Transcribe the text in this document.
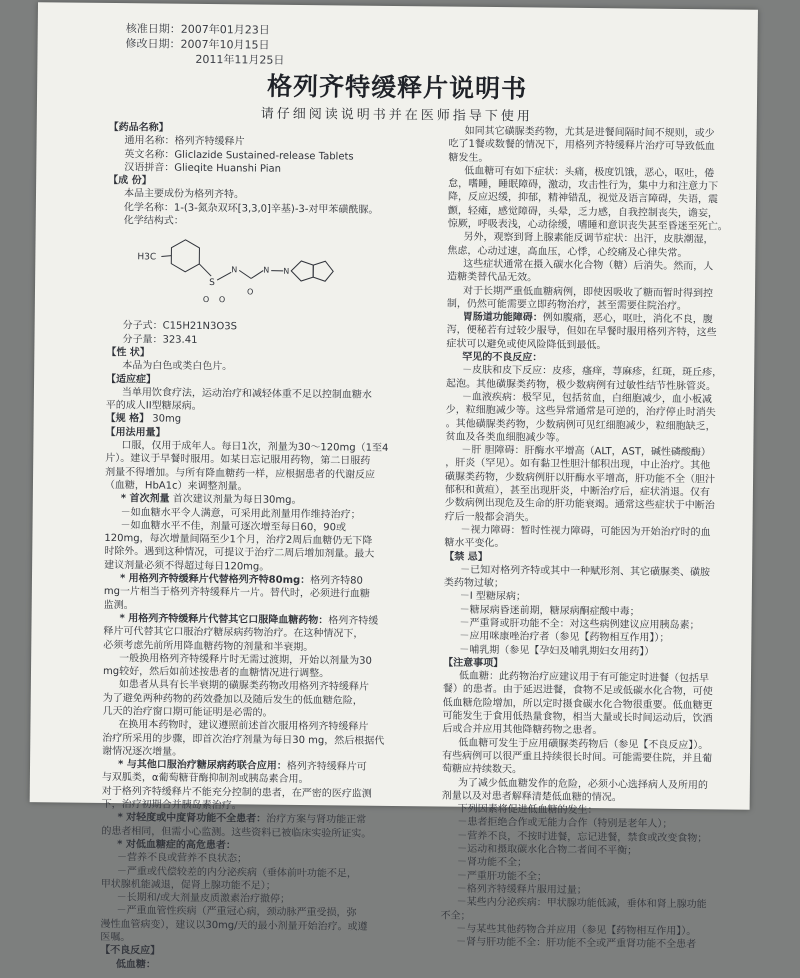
核准日期：2007年01月23日
修改日期：2007年10月15日
2011年11月25日
格列齐特缓释片说明书
请仔细阅读说明书并在医师指导下使用

【 药品名称 】

通用名称：格列齐特缓释片

英文名称：Gliclazide Sustained-release Tablets

汉语拼音：Glieqite Huanshi Pian

【 成 份 】

本品主要成份为格列齐特。

化学名称：1-(3-氮杂双环[3,3,0]辛基)-3-对甲苯磺酰脲。

化学结构式：

H3C
S
O O
N
O
N N

分子式：C15H21N3O3S

分子量：323.41

【 性 状 】

本品为白色或类白色片。

【 适应症 】

当单用饮食疗法，运动治疗和减轻体重不足以控制血糖水

平的成人II型糖尿病。

【 规 格 】 30mg

【 用法用量 】

口服，仅用于成年人。每日1次，剂量为30～120mg（1至4

片）。建议于早餐时服用。如某日忘记服用药物，第二日服药

剂量不得增加。与所有降血糖药一样，应根据患者的代谢反应

（血糖，HbA1c）来调整剂量。

* 首次剂量 首次建议剂量为每日30mg。

－如血糖水平令人满意，可采用此剂量用作维持治疗；

－如血糖水平不佳，剂量可逐次增至每日60，90或

120mg，每次增量间隔至少1个月，治疗2周后血糖仍无下降

时除外。遇到这种情况，可提议于治疗二周后增加剂量。最大

建议剂量必须不得超过每日120mg。

* 用格列齐特缓释片代替格列齐特80mg：格列齐特80

mg一片相当于格列齐特缓释片一片。替代时，必须进行血糖

监测。

* 用格列齐特缓释片代替其它口服降血糖药物：格列齐特缓

释片可代替其它口服治疗糖尿病药物治疗。在这种情况下，

必须考虑先前所用降血糖药物的剂量和半衰期。

一般换用格列齐特缓释片时无需过渡期，开始以剂量为30

mg较好，然后如前述按患者的血糖情况进行调整。

如患者从具有长半衰期的磺脲类药物改用格列齐特缓释片

为了避免两种药物的药效叠加以及随后发生的低血糖危险，

几天的治疗窗口期可能证明是必需的。

在换用本药物时，建议遵照前述首次服用格列齐特缓释片

治疗所采用的步骤，即首次治疗剂量为每日30 mg，然后根据代

谢情况逐次增量。

* 与其他口服治疗糖尿病药联合应用：格列齐特缓释片可

与双胍类，α葡萄糖苷酶抑制剂或胰岛素合用。

对于格列齐特缓释片不能充分控制的患者，在严密的医疗监测

下，治疗初期合并胰岛素治疗。

* 对轻度或中度肾功能不全患者：治疗方案与肾功能正常

的患者相同，但需小心监测。这些资料已被临床实验所证实。

* 对低血糖症的高危患者：

－营养不良或营养不良状态；

－严重或代偿较差的内分泌疾病（垂体前叶功能不足，

甲状腺机能减退，促肾上腺功能不足）；

－长期和/或大剂量皮质激素治疗撤停；

－严重血管性疾病（严重冠心病，颈动脉严重受损，弥

漫性血管病变），建议以30mg/天的最小剂量开始治疗。或遵

医嘱。

【 不良反应 】

低血糖：

如同其它磺脲类药物，尤其是进餐间隔时间不规则，或少

吃了1餐或数餐的情况下，用格列齐特缓释片治疗可导致低血

糖发生。

低血糖可有如下症状：头痛，极度饥饿，恶心，呕吐，倦

怠，嗜睡，睡眠障碍，激动，攻击性行为，集中力和注意力下

降，反应迟缓，抑郁，精神错乱，视觉及语言障碍，失语，震

颤，轻瘫，感觉障碍，头晕，乏力感，自我控制丧失，谵妄，

惊厥，呼吸表浅，心动徐缓，嗜睡和意识丧失甚至昏迷至死亡。

另外，观察到肾上腺素能反调节症状：出汗，皮肤潮湿，

焦虑，心动过速，高血压，心悸，心绞痛及心律失常。

这些症状通常在摄入碳水化合物（糖）后消失。然而，人

造糖类替代品无效。

对于长期严重低血糖病例，即使因吸收了糖而暂时得到控

制，仍然可能需要立即药物治疗，甚至需要住院治疗。

胃肠道功能障碍：例如腹痛，恶心，呕吐，消化不良，腹

泻，便秘若有过较少服导，但如在早餐时服用格列齐特，这些

症状可以避免或使风险降低到最低。

罕见的不良反应：

－皮肤和皮下反应：皮疹，瘙痒，荨麻疹，红斑，斑丘疹，

起泡。其他磺脲类药物，极少数病例有过敏性结节性脉管炎。

－血液疾病：极罕见，包括贫血，白细胞减少，血小板减

少，粒细胞减少等。这些异常通常是可逆的，治疗停止时消失

。其他磺脲类药物，少数病例可见红细胞减少，粒细胞缺乏，

贫血及各类血细胞减少等。

－肝 胆障碍：肝酶水平增高（ALT，AST，碱性磷酸酶）

，肝炎（罕见）。如有黏卫性胆汁郁积出现，中止治疗。其他

磺脲类药物，少数病例肝以肝酶水平增高，肝功能不全（胆汁

郁积和黄疸），甚至出现肝炎，中断治疗后，症状消退。仅有

少数病例出现危及生命的肝功能衰竭。通常这些症状于中断治

疗后一般都会消失。

－视力障碍：暂时性视力障碍，可能因为开始治疗时的血

糖水平变化。

【 禁 忌 】

－已知对格列齐特或其中一种赋形剂、其它磺脲类、磺胺

类药物过敏；

－I 型糖尿病；

－糖尿病昏迷前期，糖尿病酮症酸中毒；

－严重肾或肝功能不全：对这些病例建议应用胰岛素；

－应用咪康唑治疗者（参见【药物相互作用】）；

－哺乳期（参见【孕妇及哺乳期妇女用药】）

【 注意事项 】

低血糖：此药物治疗应建议用于有可能定时进餐（包括早

餐）的患者。由于延迟进餐，食物不足或低碳水化合物，可使

低血糖危险增加，所以定时摄食碳水化合物很重要。低血糖更

可能发生于食用低热量食物，相当大量或长时间运动后，饮酒

后或合并应用其他降糖药物之患者。

低血糖可发生于应用磺脲类药物后（参见【不良反应】）。

有些病例可以很严重且持续很长时间。可能需要住院，并且葡

萄糖应持续数天。

为了减少低血糖发作的危险，必须小心选择病人及所用的

剂量以及对患者解释清楚低血糖的情况。

下列因素将促进低血糖的发生：

－患者拒绝合作或无能力合作（特别是老年人）；

－营养不良，不按时进餐，忘记进餐，禁食或改变食物；

－运动和摄取碳水化合物二者间不平衡；

－肾功能不全；

－严重肝功能不全；

－格列齐特缓释片服用过量；

－某些内分泌疾病：甲状腺功能低减，垂体和肾上腺功能

不全；

－与某些其他药物合并应用（参见【药物相互作用】）。

－肾与肝功能不全：肝功能不全或严重肾功能不全患者
